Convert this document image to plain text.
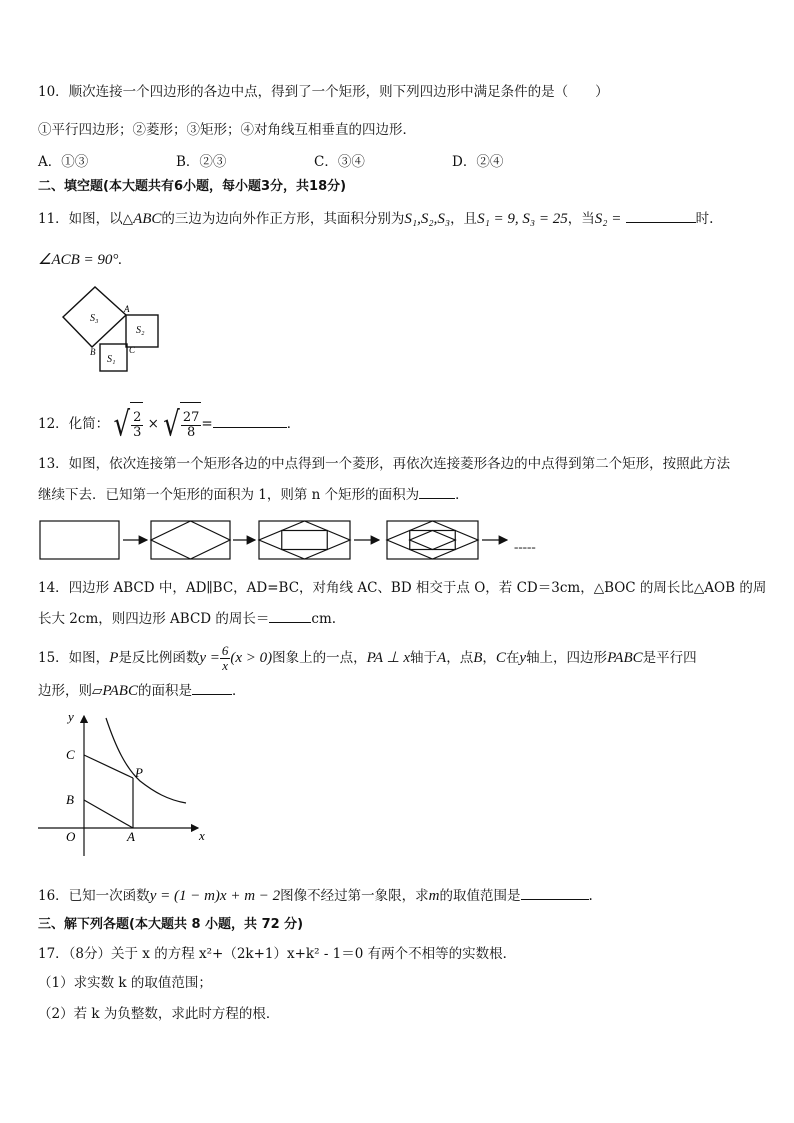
10．顺次连接一个四边形的各边中点，得到了一个矩形，则下列四边形中满足条件的是（　　）
①平行四边形；②菱形；③矩形；④对角线互相垂直的四边形．
A．①③	B．②③	C．③④	D．②④
二、填空题(本大题共有6小题，每小题3分，共18分)
11．如图，以△ABC的三边为边向外作正方形，其面积分别为S₁,S₂,S₃，且S₁ = 9, S₃ = 25，当S₂ =	时.
∠ACB = 90°.
S₃
S₂
S₁
A
B	C
12．化简： √ $\frac{2}{3}$ × √ $\frac{27}{8}$ =	．
13．如图，依次连接第一个矩形各边的中点得到一个菱形，再依次连接菱形各边的中点得到第二个矩形，按照此方法
继续下去．已知第一个矩形的面积为 1，则第 n 个矩形的面积为	．
-----
14．四边形 ABCD 中，AD∥BC，AD=BC，对角线 AC、BD 相交于点 O，若 CD＝3cm，△BOC 的周长比△AOB 的周
长大 2cm，则四边形 ABCD 的周长＝	cm.
15．如图，P是反比例函数$y = \frac{6}{x} (x > 0)$图象上的一点，PA ⊥ x轴于A，点B，C在y轴上，四边形PABC是平行四
边形，则▱PABC的面积是	．
y
x
C
B
O	A
P
16．已知一次函数y = (1 − m)x + m − 2图像不经过第一象限，求m的取值范围是	.
三、解下列各题(本大题共 8 小题，共 72 分)
17．（8分）关于 x 的方程 x²+（2k+1）x+k² - 1＝0 有两个不相等的实数根．
（1）求实数 k 的取值范围；
（2）若 k 为负整数，求此时方程的根．
